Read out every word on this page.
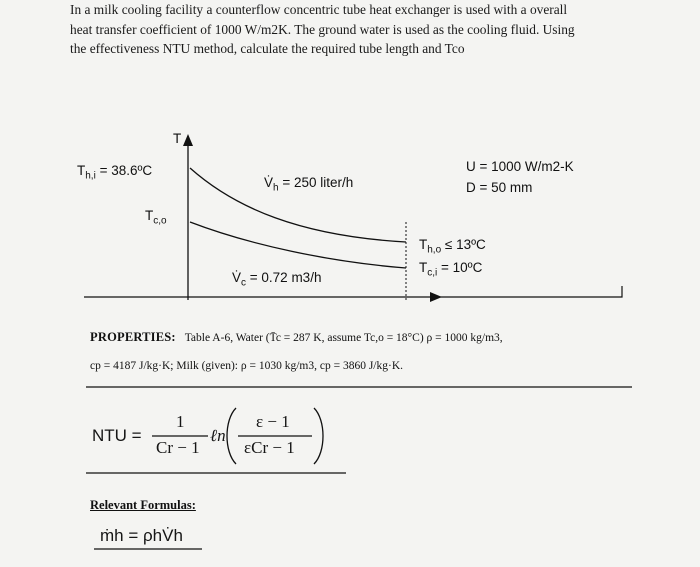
In a milk cooling facility a counterflow concentric tube heat exchanger is used with a overall
heat transfer coefficient of 1000 W/m2K. The ground water is used as the cooling fluid. Using
the effectiveness NTU method, calculate the required tube length and Tco
T
$T_{h,i}$ = 38.6ºC
$V̇_h = 250$ liter/h
U = 1000 W/m2-K
D = 50 mm
$T_{c,o}$
$T_{h,o}$ ≤ 13ºC
$T_{c,i}$ = 10ºC
$V̇_c = 0.72$ m3/h
PROPERTIES: Table A-6, Water (T̄c = 287 K, assume Tc,o = 18°C) ρ = 1000 kg/m3,
cp = 4187 J/kg·K; Milk (given): ρ = 1030 kg/m3, cp = 3860 J/kg·K.
NTU =
1
Cr − 1
ℓn
ε − 1
εCr − 1
Relevant Formulas:
ṁh = ρhV̇h
